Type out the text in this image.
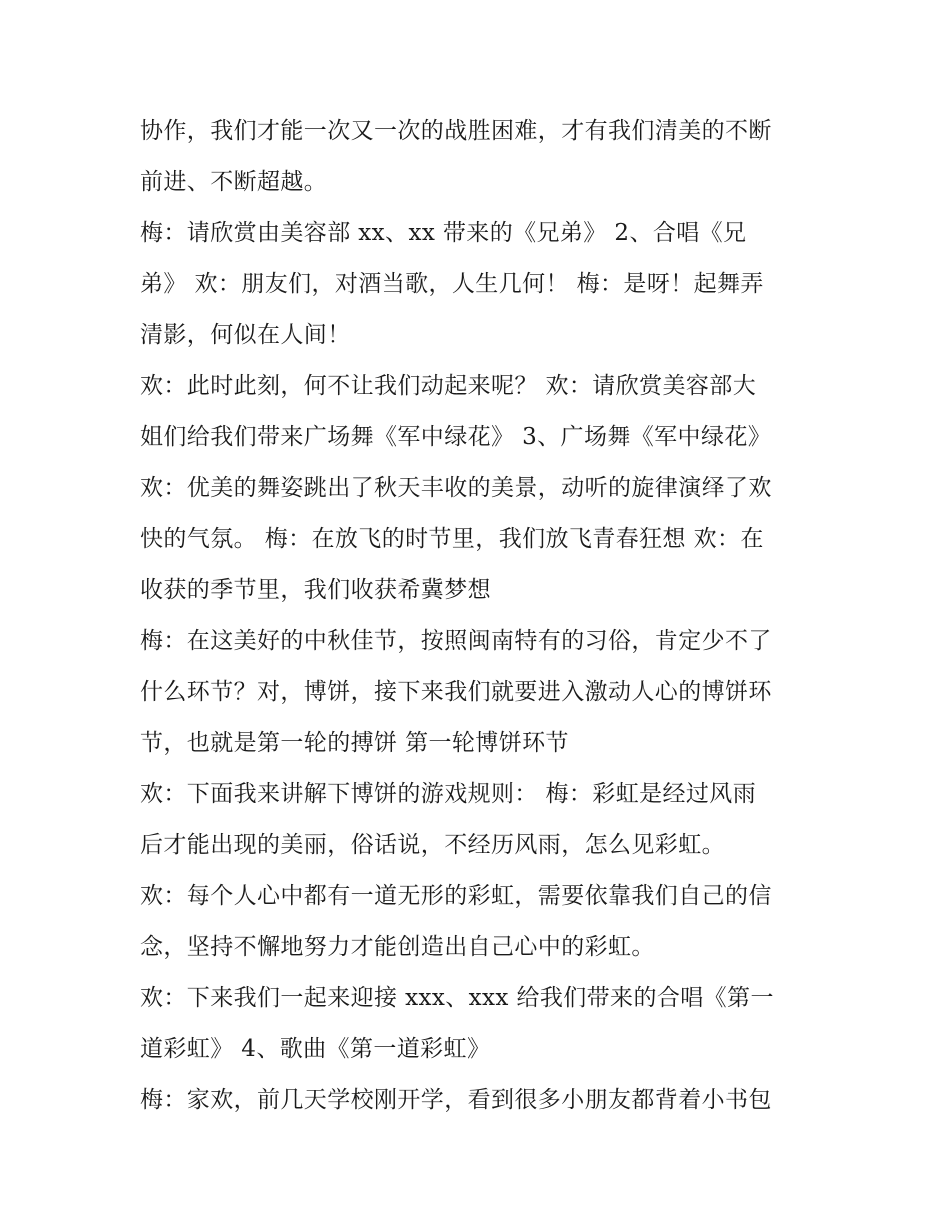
协作，我们才能一次又一次的战胜困难，才有我们清美的不断
前进、不断超越。
梅：请欣赏由美容部 xx、xx 带来的《兄弟》 2、合唱《兄
弟》 欢：朋友们，对酒当歌，人生几何！ 梅：是呀！起舞弄
清影，何似在人间！
欢：此时此刻，何不让我们动起来呢？ 欢：请欣赏美容部大
姐们给我们带来广场舞《军中绿花》 3、广场舞《军中绿花》
欢：优美的舞姿跳出了秋天丰收的美景，动听的旋律演绎了欢
快的气氛。 梅：在放飞的时节里，我们放飞青春狂想 欢：在
收获的季节里，我们收获希冀梦想
梅：在这美好的中秋佳节，按照闽南特有的习俗，肯定少不了
什么环节？对，博饼，接下来我们就要进入激动人心的博饼环
节，也就是第一轮的搏饼 第一轮博饼环节
欢：下面我来讲解下博饼的游戏规则： 梅：彩虹是经过风雨
后才能出现的美丽，俗话说，不经历风雨，怎么见彩虹。
欢：每个人心中都有一道无形的彩虹，需要依靠我们自己的信
念，坚持不懈地努力才能创造出自己心中的彩虹。
欢：下来我们一起来迎接 xxx、xxx 给我们带来的合唱《第一
道彩虹》 4、歌曲《第一道彩虹》
梅：家欢，前几天学校刚开学，看到很多小朋友都背着小书包
